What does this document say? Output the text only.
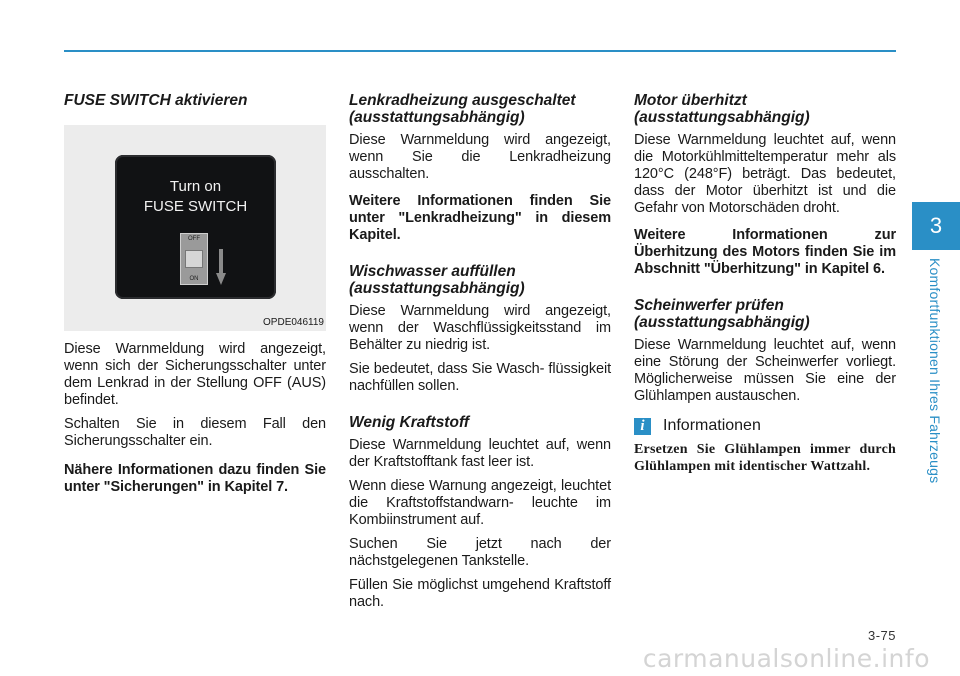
FUSE SWITCH aktivieren
Turn on
FUSE SWITCH
OFF
ON
OPDE046119

Diese Warnmeldung wird angezeigt, wenn sich der Sicherungsschalter unter dem Lenkrad in der Stellung OFF (AUS) befindet.

Schalten Sie in diesem Fall den Sicherungsschalter ein.

Nähere Informationen dazu finden Sie unter "Sicherungen" in Kapitel 7.

Lenkradheizung ausgeschaltet (ausstattungsabhängig)

Diese Warnmeldung wird angezeigt, wenn Sie die Lenkradheizung ausschalten.

Weitere Informationen finden Sie unter "Lenkradheizung" in diesem Kapitel.

Wischwasser auffüllen (ausstattungsabhängig)

Diese Warnmeldung wird angezeigt, wenn der Waschflüssigkeitsstand im Behälter zu niedrig ist.

Sie bedeutet, dass Sie Wasch- flüssigkeit nachfüllen sollen.

Wenig Kraftstoff

Diese Warnmeldung leuchtet auf, wenn der Kraftstofftank fast leer ist.

Wenn diese Warnung angezeigt, leuchtet die Kraftstoffstandwarn- leuchte im Kombiinstrument auf.

Suchen Sie jetzt nach der nächstgelegenen Tankstelle.

Füllen Sie möglichst umgehend Kraftstoff nach.

Motor überhitzt (ausstattungsabhängig)

Diese Warnmeldung leuchtet auf, wenn die Motorkühlmitteltemperatur mehr als 120°C (248°F) beträgt. Das bedeutet, dass der Motor überhitzt ist und die Gefahr von Motorschäden droht.

Weitere Informationen zur Überhitzung des Motors finden Sie im Abschnitt "Überhitzung" in Kapitel 6.

Scheinwerfer prüfen (ausstattungsabhängig)

Diese Warnmeldung leuchtet auf, wenn eine Störung der Scheinwerfer vorliegt. Möglicherweise müssen Sie eine der Glühlampen austauschen.

i	Informationen

Ersetzen Sie Glühlampen immer durch Glühlampen mit identischer Wattzahl.

3
Komfortfunktionen Ihres Fahrzeugs
3-75
carmanualsonline.info
